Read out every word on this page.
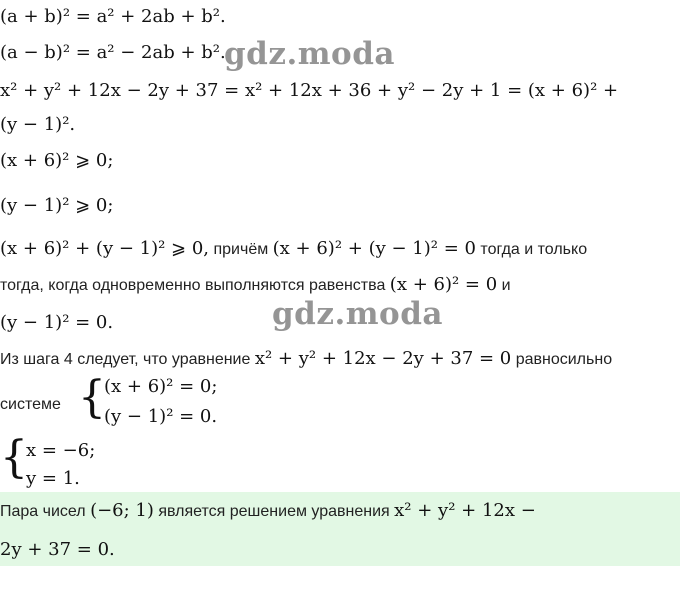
(a + b)² = a² + 2ab + b².
(a − b)² = a² − 2ab + b².
x² + y² + 12x − 2y + 37 = x² + 12x + 36 + y² − 2y + 1 = (x + 6)² +
(y − 1)².
(x + 6)² ⩾ 0;
(y − 1)² ⩾ 0;
(x + 6)² + (y − 1)² ⩾ 0, причём (x + 6)² + (y − 1)² = 0 тогда и только
тогда, когда одновременно выполняются равенства (x + 6)² = 0 и
(y − 1)² = 0.
Из шага 4 следует, что уравнение x² + y² + 12x − 2y + 37 = 0 равносильно
системе {
(x + 6)² = 0;
(y − 1)² = 0.
{
x = −6;
y = 1.
Пара чисел (−6; 1) является решением уравнения x² + y² + 12x −
2y + 37 = 0.
gdz.moda
gdz.moda
